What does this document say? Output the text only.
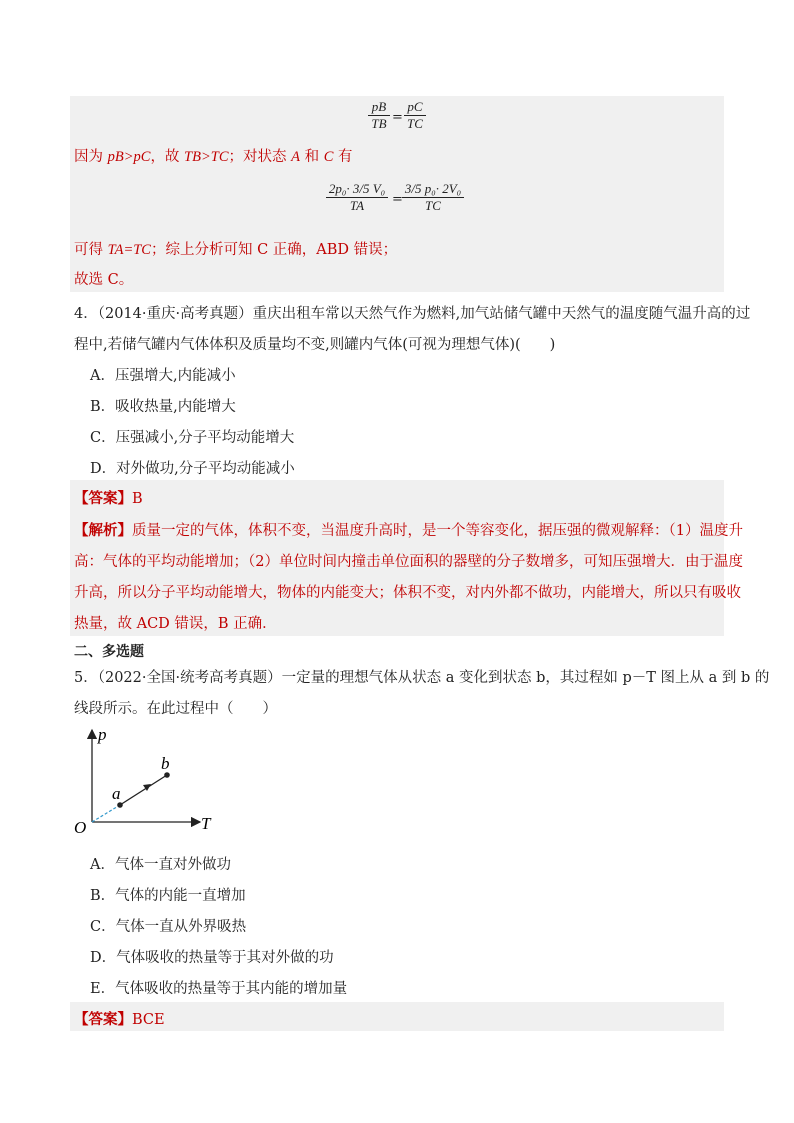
pB
TB =
pC
TC
因为 pB>pC，故 TB>TC；对状态 A 和 C 有
2p₀· 3/5 V₀
TA	=
3/5 p₀· 2V₀
TC
可得 TA=TC；综上分析可知 C 正确，ABD 错误；
故选 C。
4．（2014·重庆·高考真题）重庆出租车常以天然气作为燃料,加气站储气罐中天然气的温度随气温升高的过
程中,若储气罐内气体体积及质量均不变,则罐内气体(可视为理想气体)(　　)
A．压强增大,内能减小
B．吸收热量,内能增大
C．压强减小,分子平均动能增大
D．对外做功,分子平均动能减小
【答案】B
【解析】质量一定的气体，体积不变，当温度升高时，是一个等容变化，据压强的微观解释：（1）温度升
高：气体的平均动能增加；（2）单位时间内撞击单位面积的器壁的分子数增多，可知压强增大．由于温度
升高，所以分子平均动能增大，物体的内能变大；体积不变，对内外都不做功，内能增大，所以只有吸收
热量，故 ACD 错误，B 正确．
二、多选题
5．（2022·全国·统考高考真题）一定量的理想气体从状态 a 变化到状态 b，其过程如 p－T 图上从 a 到 b 的
线段所示。在此过程中（　　）
p
T
O
a
b
A．气体一直对外做功
B．气体的内能一直增加
C．气体一直从外界吸热
D．气体吸收的热量等于其对外做的功
E．气体吸收的热量等于其内能的增加量
【答案】BCE
